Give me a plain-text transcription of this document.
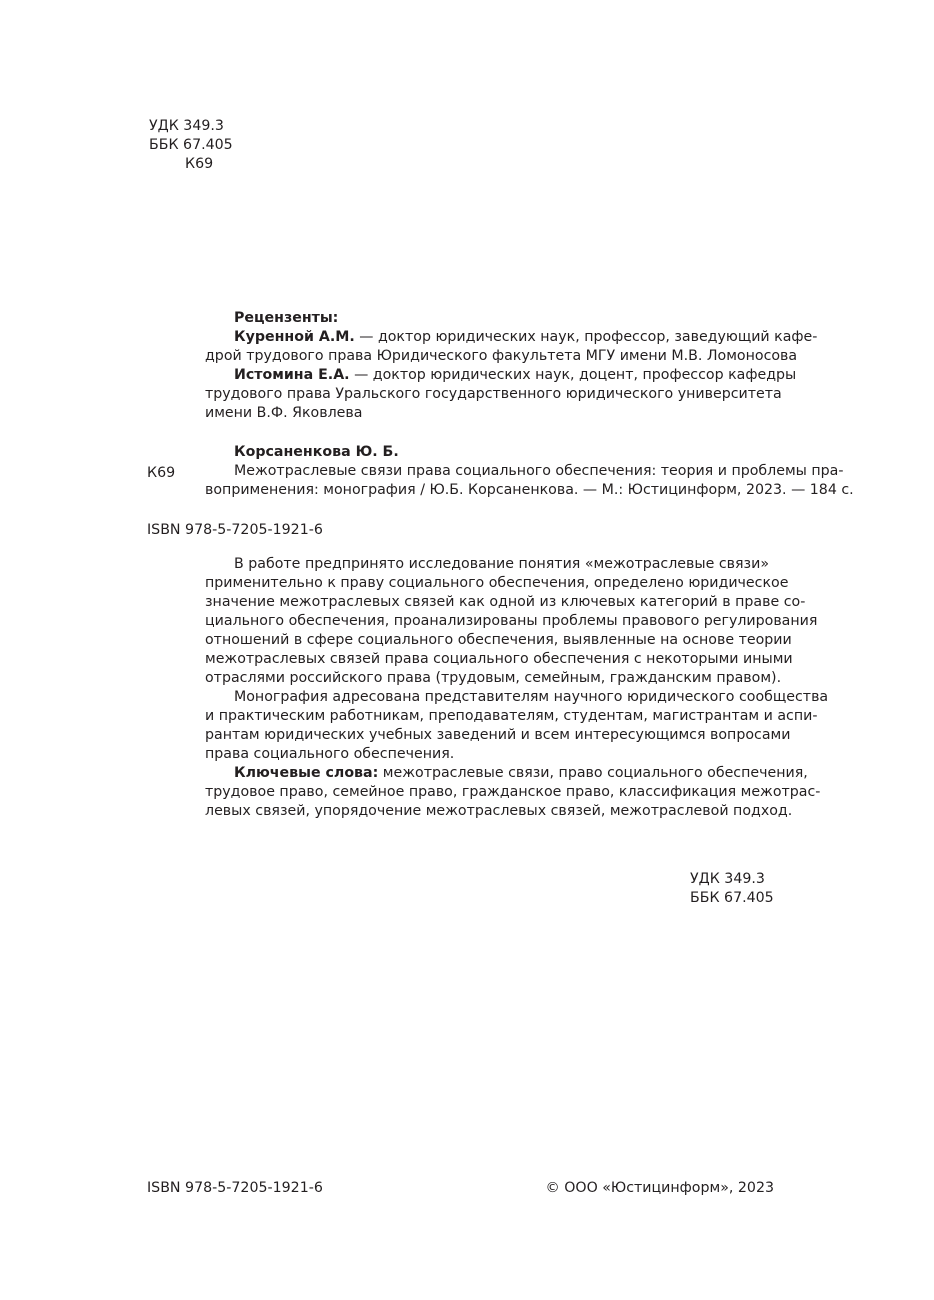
УДК 349.3
ББК 67.405
К69
Рецензенты:
Куренной А.М. — доктор юридических наук, профессор, заведующий кафе-
дрой трудового права Юридического факультета МГУ имени М.В. Ломоносова
Истомина Е.А. — доктор юридических наук, доцент, профессор кафедры
трудового права Уральского государственного юридического университета
имени В.Ф. Яковлева
Корсаненкова Ю. Б.
К69	Межотраслевые связи права социального обеспечения: теория и проблемы пра-
воприменения: монография / Ю.Б. Корсаненкова. — М.: Юстицинформ, 2023. — 184 с.
ISBN 978-5-7205-1921-6
В работе предпринято исследование понятия «межотраслевые связи»
применительно к праву социального обеспечения, определено юридическое
значение межотраслевых связей как одной из ключевых категорий в праве со-
циального обеспечения, проанализированы проблемы правового регулирования
отношений в сфере социального обеспечения, выявленные на основе теории
межотраслевых связей права социального обеспечения с некоторыми иными
отраслями российского права (трудовым, семейным, гражданским правом).
Монография адресована представителям научного юридического сообщества
и практическим работникам, преподавателям, студентам, магистрантам и аспи-
рантам юридических учебных заведений и всем интересующимся вопросами
права социального обеспечения.
Ключевые слова: межотраслевые связи, право социального обеспечения,
трудовое право, семейное право, гражданское право, классификация межотрас-
левых связей, упорядочение межотраслевых связей, межотраслевой подход.
УДК 349.3
ББК 67.405
ISBN 978-5-7205-1921-6	© ООО «Юстицинформ», 2023
